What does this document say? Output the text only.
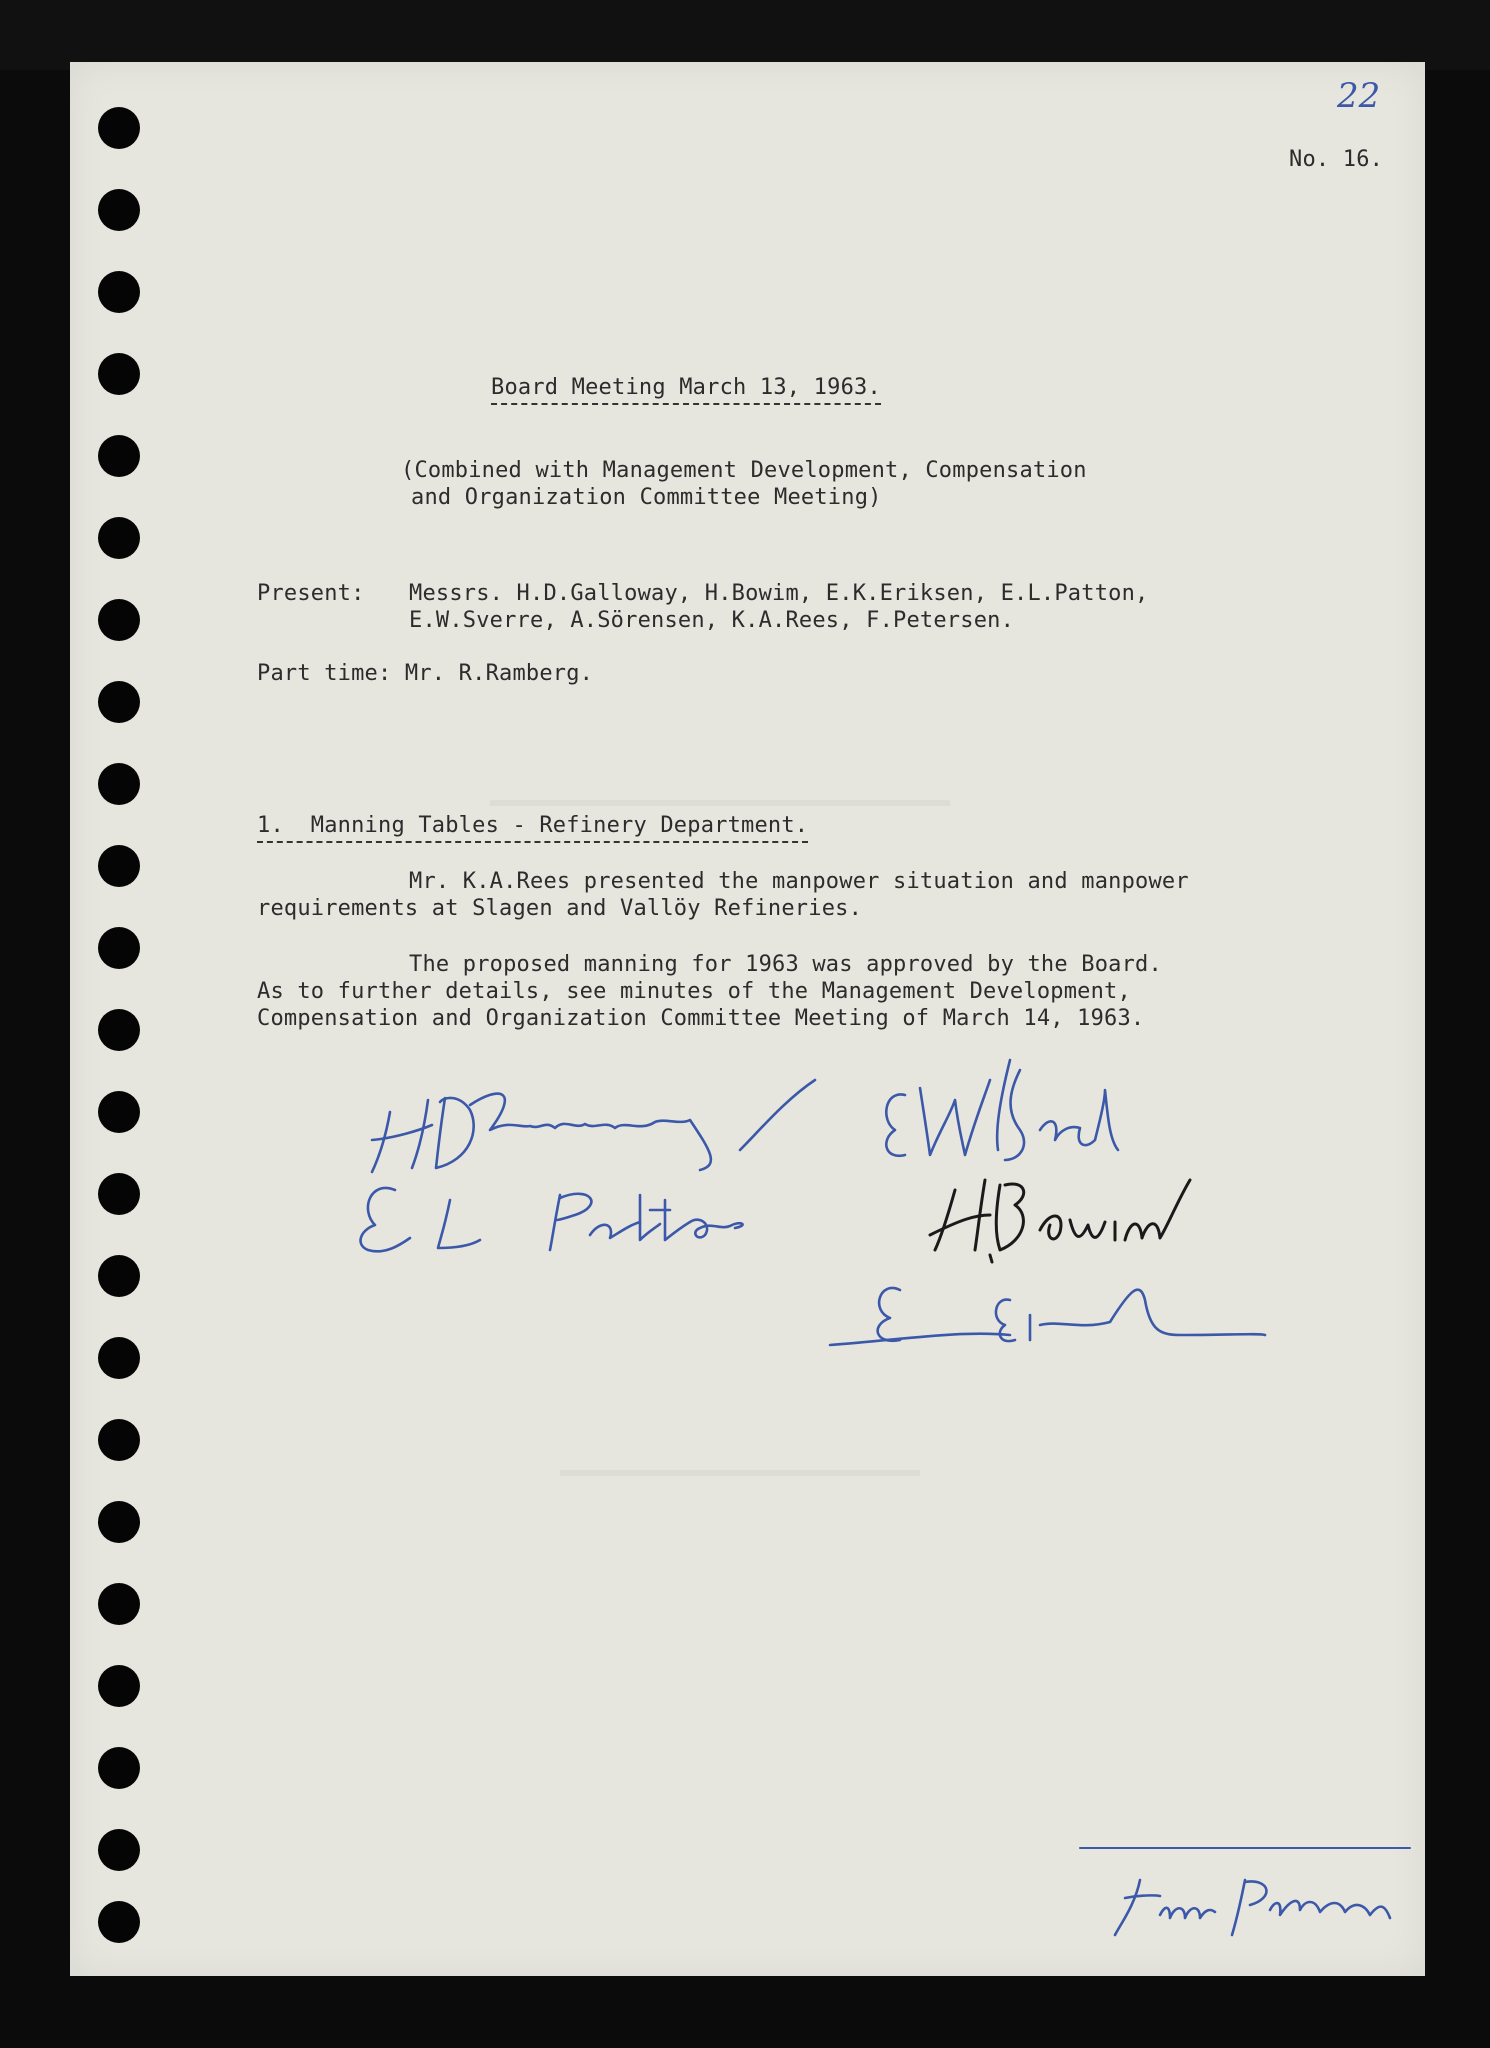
22
No. 16.
Board Meeting March 13, 1963.
(Combined with Management Development, Compensation
and Organization Committee Meeting)
Present: Messrs. H.D.Galloway, H.Bowim, E.K.Eriksen, E.L.Patton,
E.W.Sverre, A.Sörensen, K.A.Rees, F.Petersen.
Part time: Mr. R.Ramberg.
1.  Manning Tables - Refinery Department.
Mr. K.A.Rees presented the manpower situation and manpower
requirements at Slagen and Vallöy Refineries.
The proposed manning for 1963 was approved by the Board.
As to further details, see minutes of the Management Development,
Compensation and Organization Committee Meeting of March 14, 1963.
